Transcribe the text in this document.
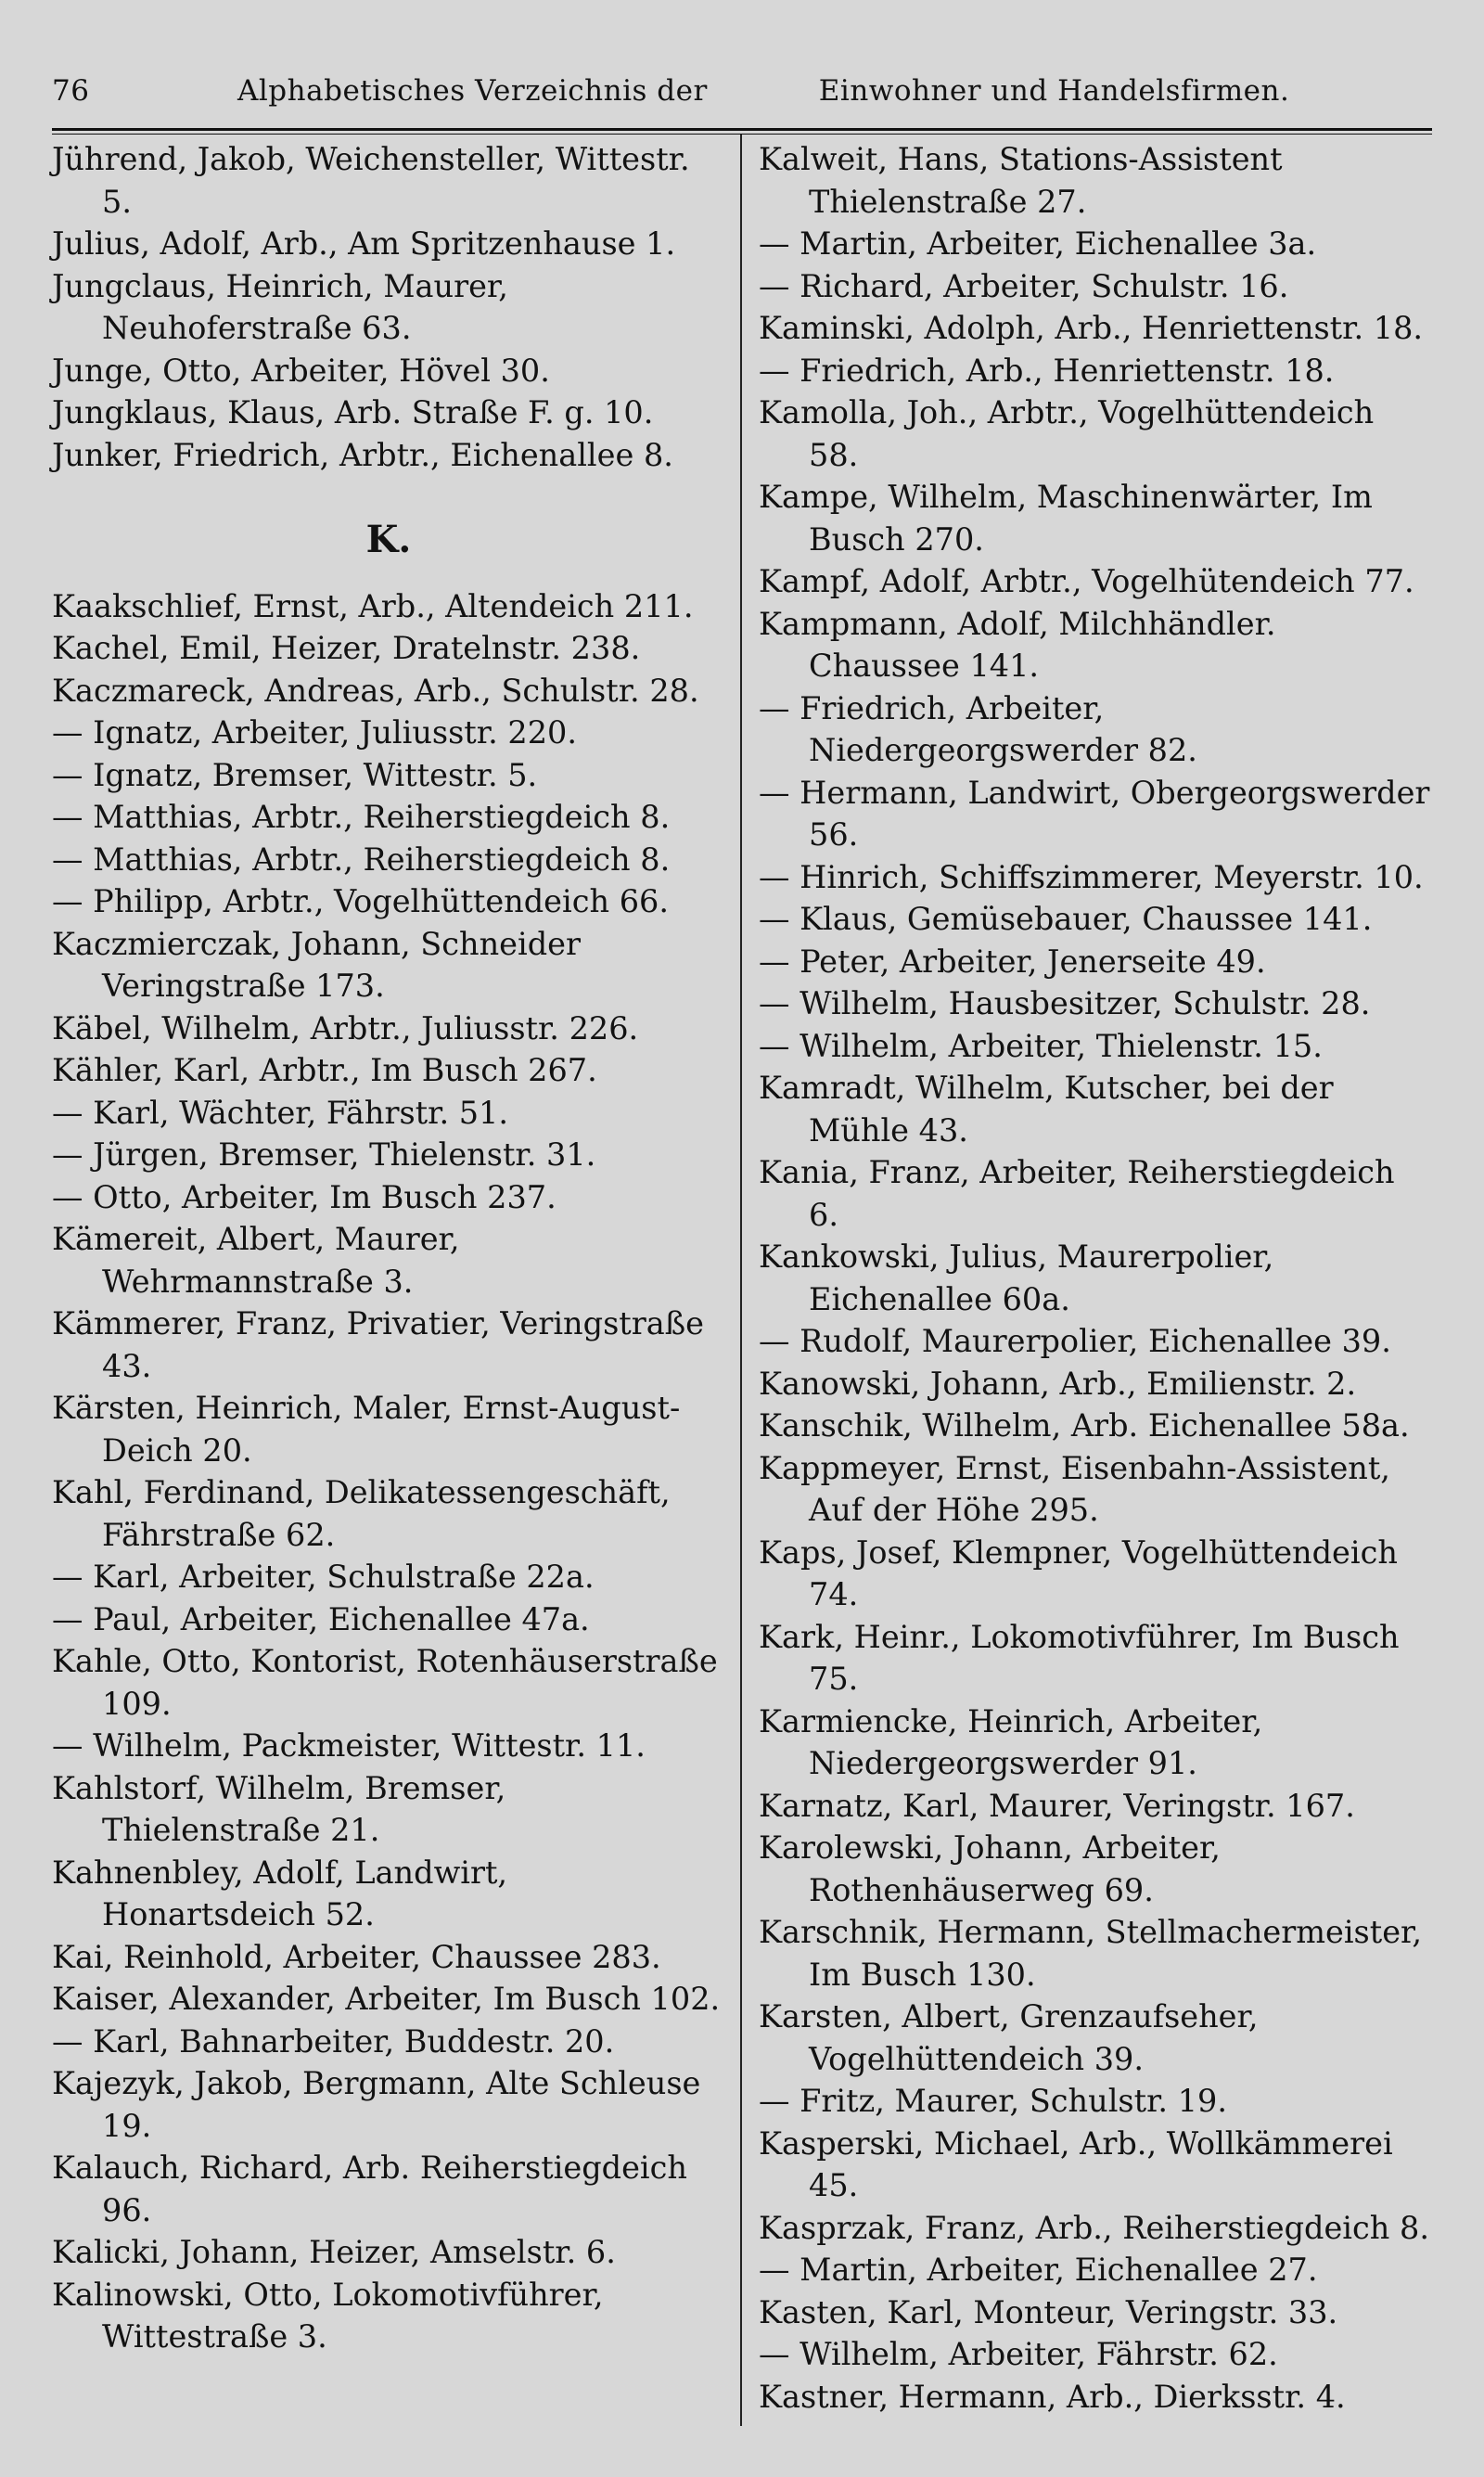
76	Alphabetisches Verzeichnis der	Einwohner und Handelsfirmen.
Jührend, Jakob, Weichensteller, Wittestr. 5.
Julius, Adolf, Arb., Am Spritzenhause 1.
Jungclaus, Heinrich, Maurer, Neuhoferstraße 63.
Junge, Otto, Arbeiter, Hövel 30.
Jungklaus, Klaus, Arb. Straße F. g. 10.
Junker, Friedrich, Arbtr., Eichenallee 8.
K.
Kaakschlief, Ernst, Arb., Altendeich 211.
Kachel, Emil, Heizer, Dratelnstr. 238.
Kaczmareck, Andreas, Arb., Schulstr. 28.
— Ignatz, Arbeiter, Juliusstr. 220.
— Ignatz, Bremser, Wittestr. 5.
— Matthias, Arbtr., Reiherstiegdeich 8.
— Matthias, Arbtr., Reiherstiegdeich 8.
— Philipp, Arbtr., Vogelhüttendeich 66.
Kaczmierczak, Johann, Schneider Veringstraße 173.
Käbel, Wilhelm, Arbtr., Juliusstr. 226.
Kähler, Karl, Arbtr., Im Busch 267.
— Karl, Wächter, Fährstr. 51.
— Jürgen, Bremser, Thielenstr. 31.
— Otto, Arbeiter, Im Busch 237.
Kämereit, Albert, Maurer, Wehrmannstraße 3.
Kämmerer, Franz, Privatier, Veringstraße 43.
Kärsten, Heinrich, Maler, Ernst-August-Deich 20.
Kahl, Ferdinand, Delikatessengeschäft, Fährstraße 62.
— Karl, Arbeiter, Schulstraße 22a.
— Paul, Arbeiter, Eichenallee 47a.
Kahle, Otto, Kontorist, Rotenhäuserstraße 109.
— Wilhelm, Packmeister, Wittestr. 11.
Kahlstorf, Wilhelm, Bremser, Thielenstraße 21.
Kahnenbley, Adolf, Landwirt, Honartsdeich 52.
Kai, Reinhold, Arbeiter, Chaussee 283.
Kaiser, Alexander, Arbeiter, Im Busch 102.
— Karl, Bahnarbeiter, Buddestr. 20.
Kajezyk, Jakob, Bergmann, Alte Schleuse 19.
Kalauch, Richard, Arb. Reiherstiegdeich 96.
Kalicki, Johann, Heizer, Amselstr. 6.
Kalinowski, Otto, Lokomotivführer, Wittestraße 3.
Kalweit, Hans, Stations-Assistent Thielenstraße 27.
— Martin, Arbeiter, Eichenallee 3a.
— Richard, Arbeiter, Schulstr. 16.
Kaminski, Adolph, Arb., Henriettenstr. 18.
— Friedrich, Arb., Henriettenstr. 18.
Kamolla, Joh., Arbtr., Vogelhüttendeich 58.
Kampe, Wilhelm, Maschinenwärter, Im Busch 270.
Kampf, Adolf, Arbtr., Vogelhütendeich 77.
Kampmann, Adolf, Milchhändler. Chaussee 141.
— Friedrich, Arbeiter, Niedergeorgswerder 82.
— Hermann, Landwirt, Obergeorgswerder 56.
— Hinrich, Schiffszimmerer, Meyerstr. 10.
— Klaus, Gemüsebauer, Chaussee 141.
— Peter, Arbeiter, Jenerseite 49.
— Wilhelm, Hausbesitzer, Schulstr. 28.
— Wilhelm, Arbeiter, Thielenstr. 15.
Kamradt, Wilhelm, Kutscher, bei der Mühle 43.
Kania, Franz, Arbeiter, Reiherstiegdeich 6.
Kankowski, Julius, Maurerpolier, Eichenallee 60a.
— Rudolf, Maurerpolier, Eichenallee 39.
Kanowski, Johann, Arb., Emilienstr. 2.
Kanschik, Wilhelm, Arb. Eichenallee 58a.
Kappmeyer, Ernst, Eisenbahn-Assistent, Auf der Höhe 295.
Kaps, Josef, Klempner, Vogelhüttendeich 74.
Kark, Heinr., Lokomotivführer, Im Busch 75.
Karmiencke, Heinrich, Arbeiter, Niedergeorgswerder 91.
Karnatz, Karl, Maurer, Veringstr. 167.
Karolewski, Johann, Arbeiter, Rothenhäuserweg 69.
Karschnik, Hermann, Stellmachermeister, Im Busch 130.
Karsten, Albert, Grenzaufseher, Vogelhüttendeich 39.
— Fritz, Maurer, Schulstr. 19.
Kasperski, Michael, Arb., Wollkämmerei 45.
Kasprzak, Franz, Arb., Reiherstiegdeich 8.
— Martin, Arbeiter, Eichenallee 27.
Kasten, Karl, Monteur, Veringstr. 33.
— Wilhelm, Arbeiter, Fährstr. 62.
Kastner, Hermann, Arb., Dierksstr. 4.
